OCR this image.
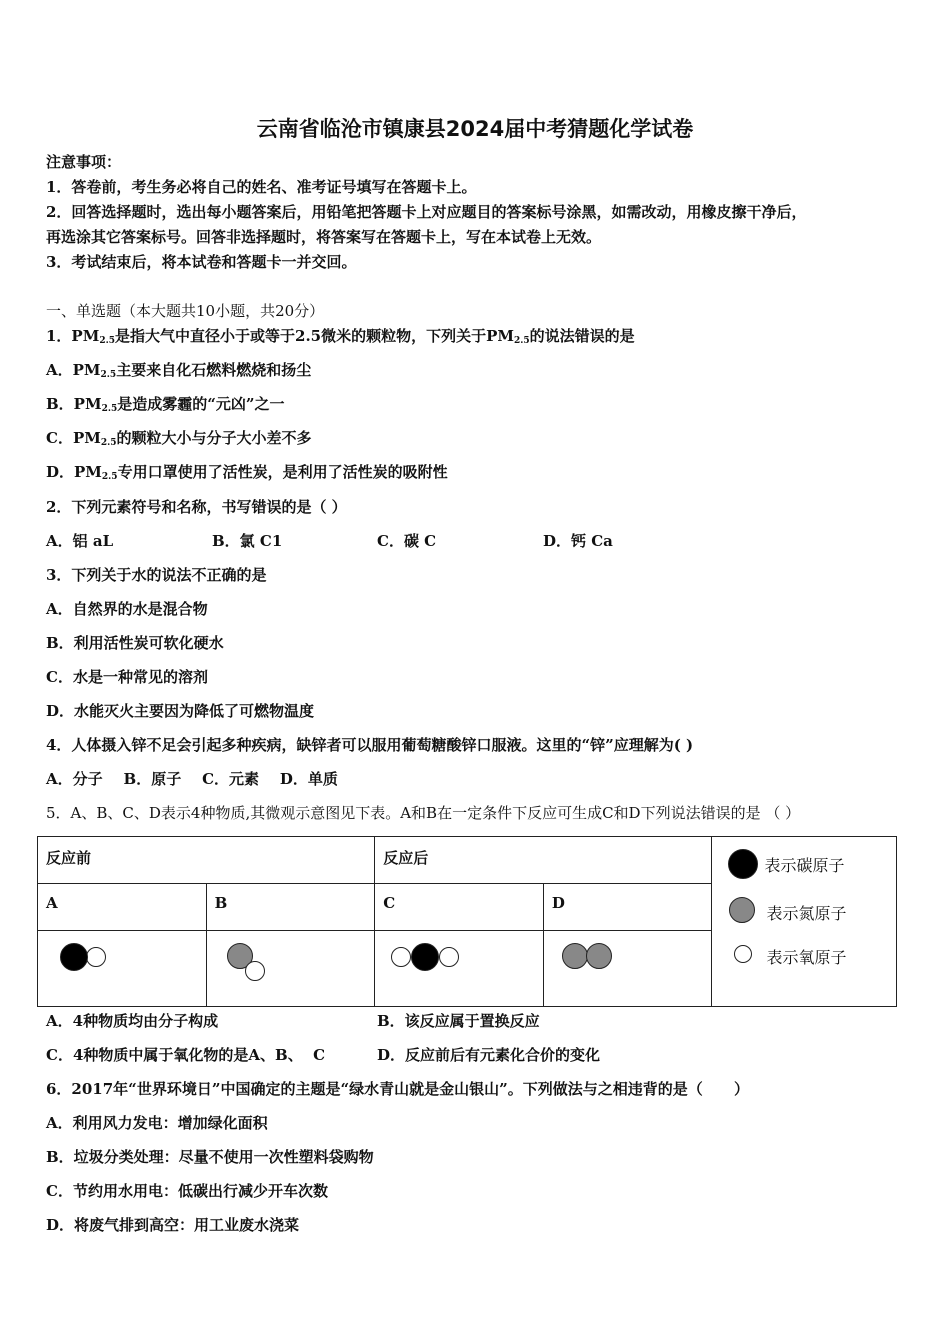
云南省临沧市镇康县2024届中考猜题化学试卷
注意事项：
1．答卷前，考生务必将自己的姓名、准考证号填写在答题卡上。
2．回答选择题时，选出每小题答案后，用铅笔把答题卡上对应题目的答案标号涂黑，如需改动，用橡皮擦干净后，
再选涂其它答案标号。回答非选择题时，将答案写在答题卡上，写在本试卷上无效。
3．考试结束后，将本试卷和答题卡一并交回。
一、单选题（本大题共10小题，共20分）
1．$PM_{2.5}$是指大气中直径小于或等于2.5微米的颗粒物，下列关于$PM_{2.5}$的说法错误的是
A．$PM_{2.5}$主要来自化石燃料燃烧和扬尘
B．$PM_{2.5}$是造成雾霾的“元凶”之一
C．$PM_{2.5}$的颗粒大小与分子大小差不多
D．$PM_{2.5}$专用口罩使用了活性炭，是利用了活性炭的吸附性
2．下列元素符号和名称，书写错误的是（ ）
A．铝 aL	B．氯 C1	C．碳 C	D．钙 Ca
3．下列关于水的说法不正确的是
A．自然界的水是混合物
B．利用活性炭可软化硬水
C．水是一种常见的溶剂
D．水能灭火主要因为降低了可燃物温度
4．人体摄入锌不足会引起多种疾病，缺锌者可以服用葡萄糖酸锌口服液。这里的“锌”应理解为( )
A．分子    B．原子    C．元素    D．单质
5．A、B、C、D表示4种物质,其微观示意图见下表。A和B在一定条件下反应可生成C和D下列说法错误的是 （ ）
反应前		反应后		表示碳原子
表示氮原子
表示氧原子

A	B	C	D	

A．4种物质均由分子构成	B．该反应属于置换反应
C．4种物质中属于氧化物的是A、B、  C	D．反应前后有元素化合价的变化
6．2017年“世界环境日”中国确定的主题是“绿水青山就是金山银山”。下列做法与之相违背的是（      ）
A．利用风力发电：增加绿化面积
B．垃圾分类处理：尽量不使用一次性塑料袋购物
C．节约用水用电：低碳出行减少开车次数
D．将废气排到高空：用工业废水浇菜
